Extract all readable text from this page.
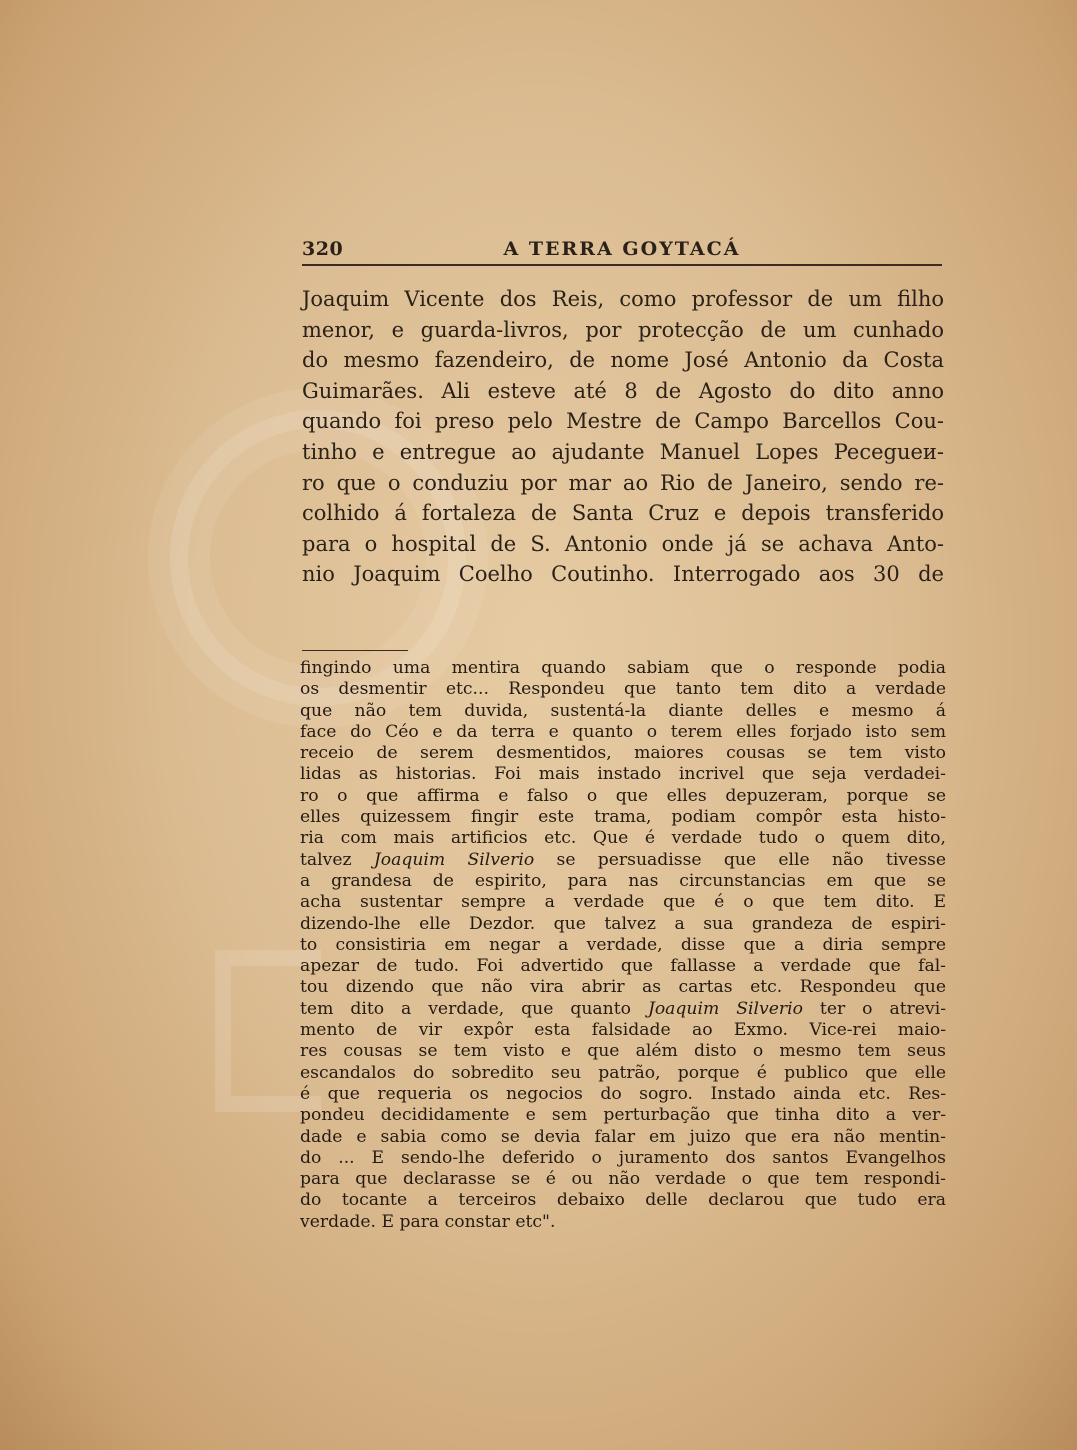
320	A TERRA GOYTACÁ

Joaquim Vicente dos Reis, como professor de um filho
menor, e guarda-livros, por protecção de um cunhado
do mesmo fazendeiro, de nome José Antonio da Costa
Guimarães. Ali esteve até 8 de Agosto do dito anno
quando foi preso pelo Mestre de Campo Barcellos Cou-
tinho e entregue ao ajudante Manuel Lopes Pecegueи-
ro que o conduziu por mar ao Rio de Janeiro, sendo re-
colhido á fortaleza de Santa Cruz e depois transferido
para o hospital de S. Antonio onde já se achava Anto-
nio Joaquim Coelho Coutinho. Interrogado aos 30 de

fingindo uma mentira quando sabiam que o responde podia
os desmentir etc... Respondeu que tanto tem dito a verdade
que não tem duvida, sustentá-la diante delles e mesmo á
face do Céo e da terra e quanto o terem elles forjado isto sem
receio de serem desmentidos, maiores cousas se tem visto
lidas as historias. Foi mais instado incrivel que seja verdadei-
ro o que affirma e falso o que elles depuzeram, porque se
elles quizessem fingir este trama, podiam compôr esta histo-
ria com mais artificios etc. Que é verdade tudo o quem dito,
talvez Joaquim Silverio se persuadisse que elle não tivesse
a grandesa de espirito, para nas circunstancias em que se
acha sustentar sempre a verdade que é o que tem dito. E
dizendo-lhe elle Dezdor. que talvez a sua grandeza de espiri-
to consistiria em negar a verdade, disse que a diria sempre
apezar de tudo. Foi advertido que fallasse a verdade que fal-
tou dizendo que não vira abrir as cartas etc. Respondeu que
tem dito a verdade, que quanto Joaquim Silverio ter o atrevi-
mento de vir expôr esta falsidade ao Exmo. Vice-rei maio-
res cousas se tem visto e que além disto o mesmo tem seus
escandalos do sobredito seu patrão, porque é publico que elle
é que requeria os negocios do sogro. Instado ainda etc. Res-
pondeu decididamente e sem perturbação que tinha dito a ver-
dade e sabia como se devia falar em juizo que era não mentin-
do ... E sendo-lhe deferido o juramento dos santos Evangelhos
para que declarasse se é ou não verdade o que tem respondi-
do tocante a terceiros debaixo delle declarou que tudo era
verdade. E para constar etc".
